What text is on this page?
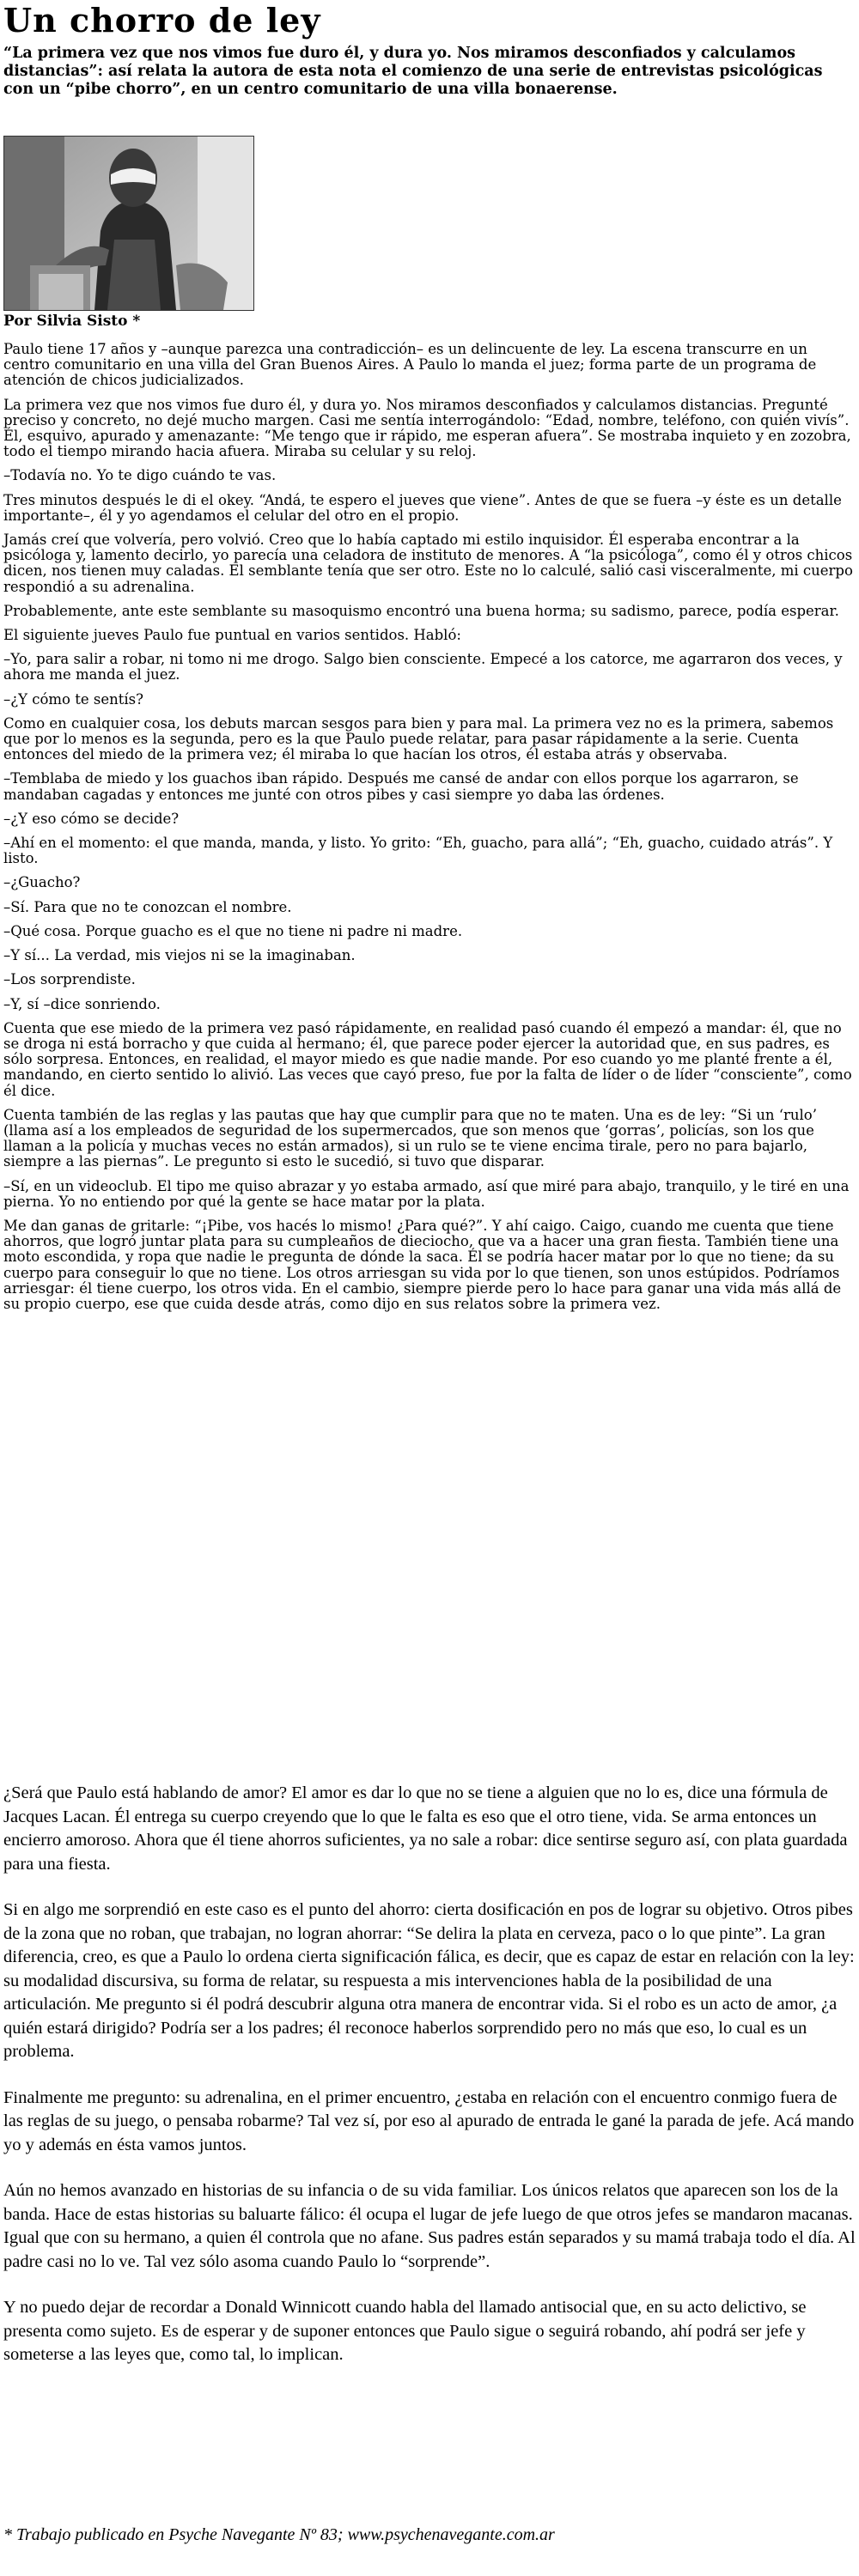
Un chorro de ley

“La primera vez que nos vimos fue duro él, y dura yo. Nos miramos desconfiados y calculamos distancias”: así relata la autora de esta nota el comienzo de una serie de entrevistas psicológicas con un “pibe chorro”, en un centro comunitario de una villa bonaerense.

Por Silvia Sisto *

Paulo tiene 17 años y –aunque parezca una contradicción– es un delincuente de ley. La escena transcurre en un centro comunitario en una villa del Gran Buenos Aires. A Paulo lo manda el juez; forma parte de un programa de atención de chicos judicializados.

La primera vez que nos vimos fue duro él, y dura yo. Nos miramos desconfiados y calculamos distancias. Pregunté preciso y concreto, no dejé mucho margen. Casi me sentía interrogándolo: “Edad, nombre, teléfono, con quién vivís”. Él, esquivo, apurado y amenazante: “Me tengo que ir rápido, me esperan afuera”. Se mostraba inquieto y en zozobra, todo el tiempo mirando hacia afuera. Miraba su celular y su reloj.

–Todavía no. Yo te digo cuándo te vas.

Tres minutos después le di el okey. “Andá, te espero el jueves que viene”. Antes de que se fuera –y éste es un detalle importante–, él y yo agendamos el celular del otro en el propio.

Jamás creí que volvería, pero volvió. Creo que lo había captado mi estilo inquisidor. Él esperaba encontrar a la psicóloga y, lamento decirlo, yo parecía una celadora de instituto de menores. A “la psicóloga”, como él y otros chicos dicen, nos tienen muy caladas. El semblante tenía que ser otro. Este no lo calculé, salió casi visceralmente, mi cuerpo respondió a su adrenalina.

Probablemente, ante este semblante su masoquismo encontró una buena horma; su sadismo, parece, podía esperar.

El siguiente jueves Paulo fue puntual en varios sentidos. Habló:

–Yo, para salir a robar, ni tomo ni me drogo. Salgo bien consciente. Empecé a los catorce, me agarraron dos veces, y ahora me manda el juez.

–¿Y cómo te sentís?

Como en cualquier cosa, los debuts marcan sesgos para bien y para mal. La primera vez no es la primera, sabemos que por lo menos es la segunda, pero es la que Paulo puede relatar, para pasar rápidamente a la serie. Cuenta entonces del miedo de la primera vez; él miraba lo que hacían los otros, él estaba atrás y observaba.

–Temblaba de miedo y los guachos iban rápido. Después me cansé de andar con ellos porque los agarraron, se mandaban cagadas y entonces me junté con otros pibes y casi siempre yo daba las órdenes.

–¿Y eso cómo se decide?

–Ahí en el momento: el que manda, manda, y listo. Yo grito: “Eh, guacho, para allá”; “Eh, guacho, cuidado atrás”. Y listo.

–¿Guacho?

–Sí. Para que no te conozcan el nombre.

–Qué cosa. Porque guacho es el que no tiene ni padre ni madre.

–Y sí... La verdad, mis viejos ni se la imaginaban.

–Los sorprendiste.

–Y, sí –dice sonriendo.

Cuenta que ese miedo de la primera vez pasó rápidamente, en realidad pasó cuando él empezó a mandar: él, que no se droga ni está borracho y que cuida al hermano; él, que parece poder ejercer la autoridad que, en sus padres, es sólo sorpresa. Entonces, en realidad, el mayor miedo es que nadie mande. Por eso cuando yo me planté frente a él, mandando, en cierto sentido lo alivió. Las veces que cayó preso, fue por la falta de líder o de líder “consciente”, como él dice.

Cuenta también de las reglas y las pautas que hay que cumplir para que no te maten. Una es de ley: “Si un ‘rulo’ (llama así a los empleados de seguridad de los supermercados, que son menos que ‘gorras’, policías, son los que llaman a la policía y muchas veces no están armados), si un rulo se te viene encima tirale, pero no para bajarlo, siempre a las piernas”. Le pregunto si esto le sucedió, si tuvo que disparar.

–Sí, en un videoclub. El tipo me quiso abrazar y yo estaba armado, así que miré para abajo, tranquilo, y le tiré en una pierna. Yo no entiendo por qué la gente se hace matar por la plata.

Me dan ganas de gritarle: “¡Pibe, vos hacés lo mismo! ¿Para qué?”. Y ahí caigo. Caigo, cuando me cuenta que tiene ahorros, que logró juntar plata para su cumpleaños de dieciocho, que va a hacer una gran fiesta. También tiene una moto escondida, y ropa que nadie le pregunta de dónde la saca. Él se podría hacer matar por lo que no tiene; da su cuerpo para conseguir lo que no tiene. Los otros arriesgan su vida por lo que tienen, son unos estúpidos. Podríamos arriesgar: él tiene cuerpo, los otros vida. En el cambio, siempre pierde pero lo hace para ganar una vida más allá de su propio cuerpo, ese que cuida desde atrás, como dijo en sus relatos sobre la primera vez.

¿Será que Paulo está hablando de amor? El amor es dar lo que no se tiene a alguien que no lo es, dice una fórmula de Jacques Lacan. Él entrega su cuerpo creyendo que lo que le falta es eso que el otro tiene, vida. Se arma entonces un encierro amoroso. Ahora que él tiene ahorros suficientes, ya no sale a robar: dice sentirse seguro así, con plata guardada para una fiesta.

Si en algo me sorprendió en este caso es el punto del ahorro: cierta dosificación en pos de lograr su objetivo. Otros pibes de la zona que no roban, que trabajan, no logran ahorrar: “Se delira la plata en cerveza, paco o lo que pinte”. La gran diferencia, creo, es que a Paulo lo ordena cierta significación fálica, es decir, que es capaz de estar en relación con la ley: su modalidad discursiva, su forma de relatar, su respuesta a mis intervenciones habla de la posibilidad de una articulación. Me pregunto si él podrá descubrir alguna otra manera de encontrar vida. Si el robo es un acto de amor, ¿a quién estará dirigido? Podría ser a los padres; él reconoce haberlos sorprendido pero no más que eso, lo cual es un problema.

Finalmente me pregunto: su adrenalina, en el primer encuentro, ¿estaba en relación con el encuentro conmigo fuera de las reglas de su juego, o pensaba robarme? Tal vez sí, por eso al apurado de entrada le gané la parada de jefe. Acá mando yo y además en ésta vamos juntos.

Aún no hemos avanzado en historias de su infancia o de su vida familiar. Los únicos relatos que aparecen son los de la banda. Hace de estas historias su baluarte fálico: él ocupa el lugar de jefe luego de que otros jefes se mandaron macanas. Igual que con su hermano, a quien él controla que no afane. Sus padres están separados y su mamá trabaja todo el día. Al padre casi no lo ve. Tal vez sólo asoma cuando Paulo lo “sorprende”.

Y no puedo dejar de recordar a Donald Winnicott cuando habla del llamado antisocial que, en su acto delictivo, se presenta como sujeto. Es de esperar y de suponer entonces que Paulo sigue o seguirá robando, ahí podrá ser jefe y someterse a las leyes que, como tal, lo implican.

* Trabajo publicado en Psyche Navegante Nº 83; www.psychenavegante.com.ar
